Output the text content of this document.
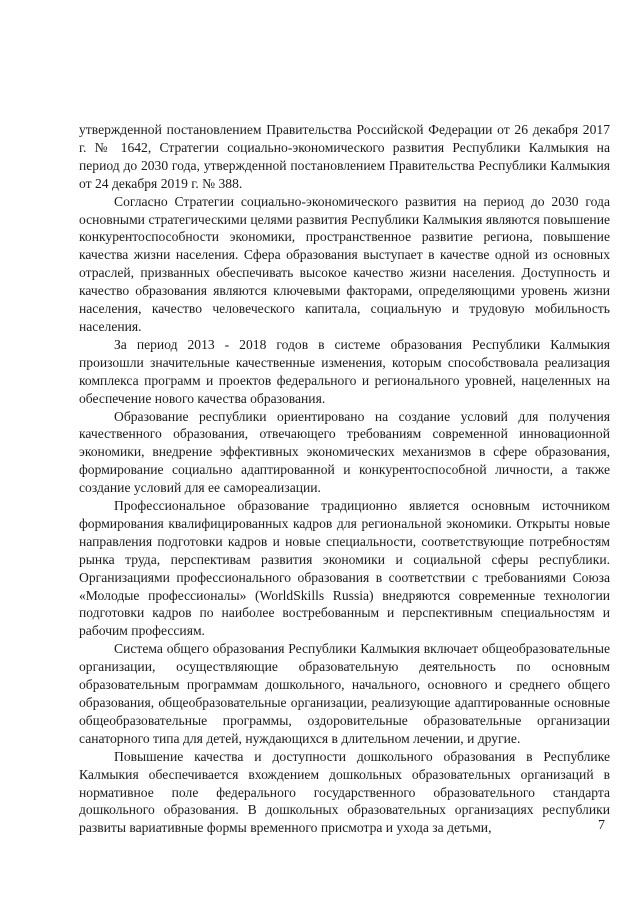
утвержденной постановлением Правительства Российской Федерации от 26 декабря 2017 г. № 1642, Стратегии социально-экономического развития Республики Калмыкия на период до 2030 года, утвержденной постановлением Правительства Республики Калмыкия от 24 декабря 2019 г. № 388.

Согласно Стратегии социально-экономического развития на период до 2030 года основными стратегическими целями развития Республики Калмыкия являются повышение конкурентоспособности экономики, пространственное развитие региона, повышение качества жизни населения. Сфера образования выступает в качестве одной из основных отраслей, призванных обеспечивать высокое качество жизни населения. Доступность и качество образования являются ключевыми факторами, определяющими уровень жизни населения, качество человеческого капитала, социальную и трудовую мобильность населения.

За период 2013 - 2018 годов в системе образования Республики Калмыкия произошли значительные качественные изменения, которым способствовала реализация комплекса программ и проектов федерального и регионального уровней, нацеленных на обеспечение нового качества образования.

Образование республики ориентировано на создание условий для получения качественного образования, отвечающего требованиям современной инновационной экономики, внедрение эффективных экономических механизмов в сфере образования, формирование социально адаптированной и конкурентоспособной личности, а также создание условий для ее самореализации.

Профессиональное образование традиционно является основным источником формирования квалифицированных кадров для региональной экономики. Открыты новые направления подготовки кадров и новые специальности, соответствующие потребностям рынка труда, перспективам развития экономики и социальной сферы республики. Организациями профессионального образования в соответствии с требованиями Союза «Молодые профессионалы» (WorldSkills Russia) внедряются современные технологии подготовки кадров по наиболее востребованным и перспективным специальностям и рабочим профессиям.

Система общего образования Республики Калмыкия включает общеобразовательные организации, осуществляющие образовательную деятельность по основным образовательным программам дошкольного, начального, основного и среднего общего образования, общеобразовательные организации, реализующие адаптированные основные общеобразовательные программы, оздоровительные образовательные организации санаторного типа для детей, нуждающихся в длительном лечении, и другие.

Повышение качества и доступности дошкольного образования в Республике Калмыкия обеспечивается вхождением дошкольных образовательных организаций в нормативное поле федерального государственного образовательного стандарта дошкольного образования. В дошкольных образовательных организациях республики развиты вариативные формы временного присмотра и ухода за детьми,	7
